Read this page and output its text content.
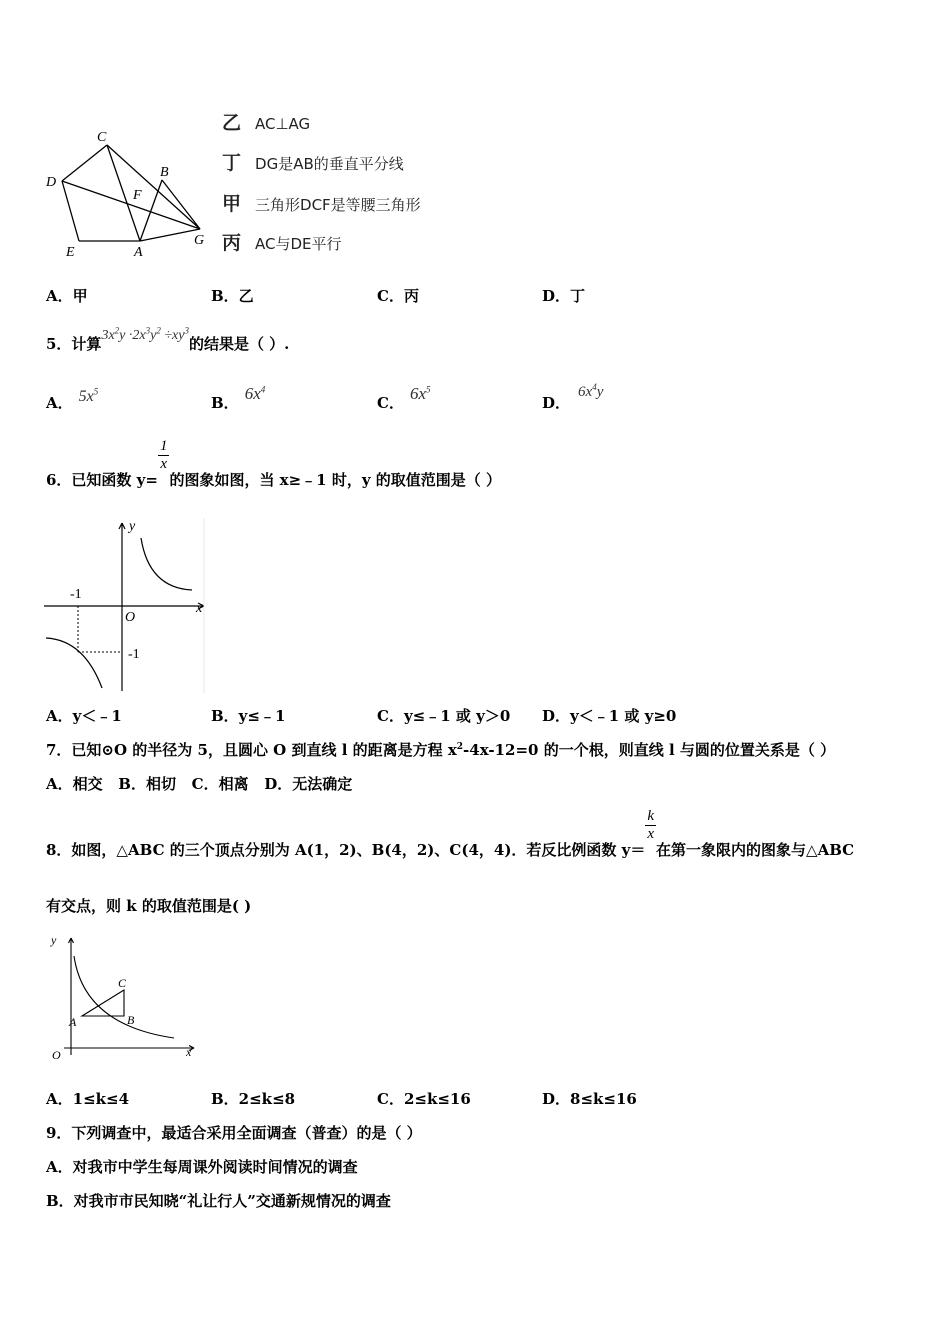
C
B
D
F
G
E	A
乙 AC⊥AG
丁 DG是AB的垂直平分线
甲 三角形DCF是等腰三角形
丙 AC与DE平行
A．甲	B．乙	C．丙	D．丁
5．计算$3x^2y \cdot 2x^3y^2 \div xy^3$的结果是（ ）.
A． $5x^5$
B． $6x^4$
C． $6x^5$
D．$6x^4y$
6．已知函数 y=
$\frac{1}{x}$
的图象如图，当 x≥﹣1 时，y 的取值范围是（ ）
y
x
O
-1
-1
A．y＜﹣1	B．y≤﹣1	C．y≤﹣1 或 y＞0 D．y＜﹣1 或 y≥0
7．已知⊙O 的半径为 5，且圆心 O 到直线 l 的距离是方程 $x^2-4x-12=0$ 的一个根，则直线 l 与圆的位置关系是（ ）
A．相交   B．相切   C．相离   D．无法确定
8．如图，△ABC 的三个顶点分别为 A(1，2)、B(4，2)、C(4，4)．若反比例函数 y＝
$\frac{k}{x}$
在第一象限内的图象与△ABC
有交点，则 k 的取值范围是( )
y
x
O
A	B
C
A．1≤k≤4	B．2≤k≤8	C．2≤k≤16	D．8≤k≤16
9．下列调查中，最适合采用全面调查（普查）的是（ ）
A．对我市中学生每周课外阅读时间情况的调查
B．对我市市民知晓“礼让行人”交通新规情况的调查
